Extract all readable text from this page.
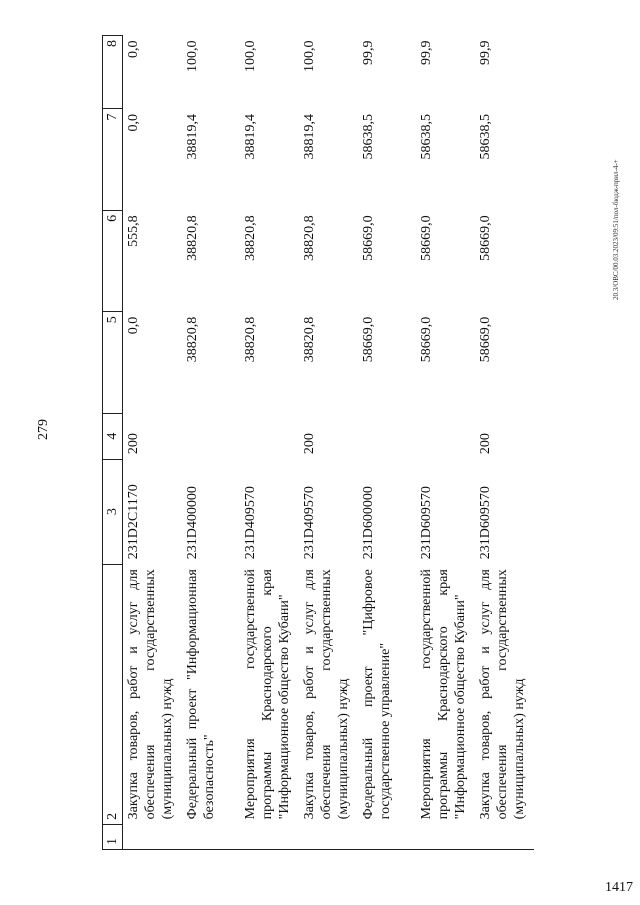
279
1	2	3	4	5	6	7	8
	Закупка товаров, работ и услуг для обеспечения государственных (муниципальных) нужд	231D2C1170	200	0,0	555,8	0,0	0,0
	Федеральный проект "Информационная безопасность"	231D400000		38820,8	38820,8	38819,4	100,0
	Мероприятия государственной программы Краснодарского края "Информационное общество Кубани"	231D409570		38820,8	38820,8	38819,4	100,0
	Закупка товаров, работ и услуг для обеспечения государственных (муниципальных) нужд	231D409570	200	38820,8	38820,8	38819,4	100,0
	Федеральный проект "Цифровое государственное управление"	231D600000		58669,0	58669,0	58638,5	99,9
	Мероприятия государственной программы Краснодарского края "Информационное общество Кубани"	231D609570		58669,0	58669,0	58638,5	99,9
	Закупка товаров, работ и услуг для обеспечения государственных (муниципальных) нужд	231D609570	200	58669,0	58669,0	58638,5	99,9
20.3/ОВС/00.03.2023/09:51/пол-бюдж-прил-4-+
1417
